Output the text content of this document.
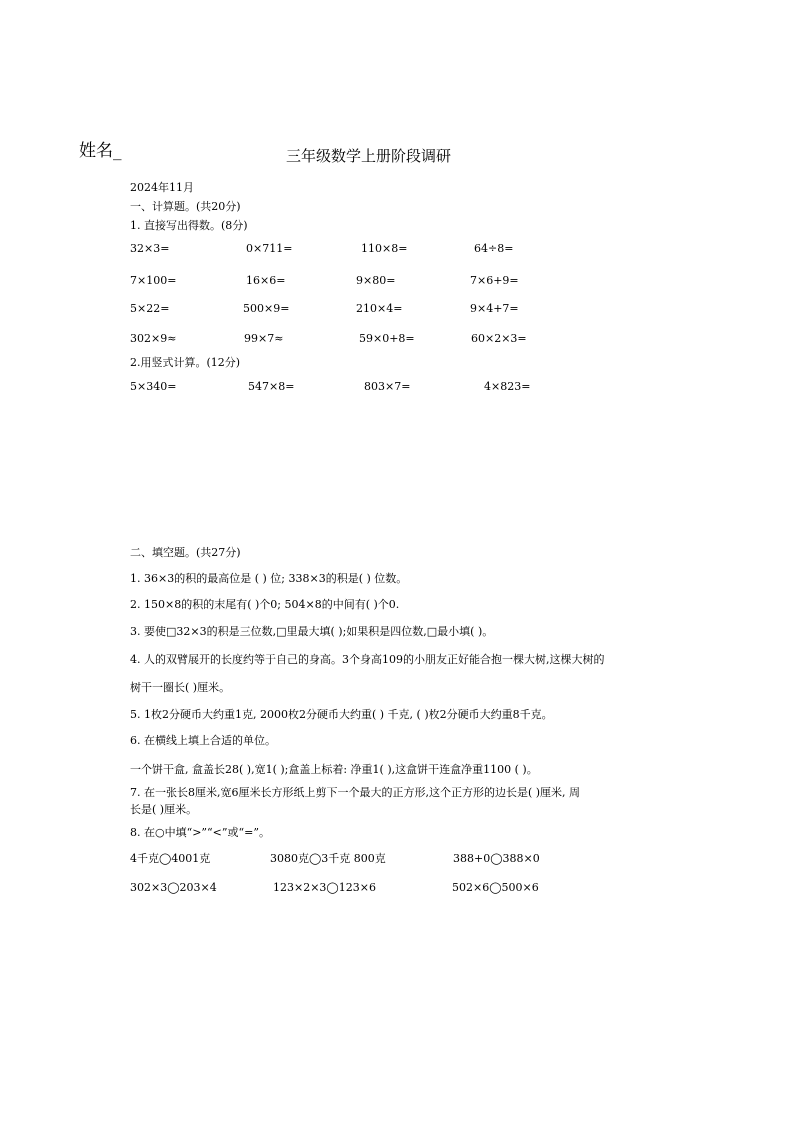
姓名_	三年级数学上册阶段调研
2024年11月
一、计算题。(共20分)
1. 直接写出得数。(8分)
32×3=	0×711=	110×8=	64÷8=
7×100=	16×6=	9×80=	7×6+9=
5×22=	500×9=	210×4=	9×4+7=
302×9≈	99×7≈	59×0+8=	60×2×3=
2.用竖式计算。(12分)
5×340=	547×8=	803×7=	4×823=
二、填空题。(共27分)
1. 36×3的积的最高位是 ( ) 位; 338×3的积是( ) 位数。
2. 150×8的积的末尾有( )个0; 504×8的中间有( )个0.
3. 要使□32×3的积是三位数,□里最大填( );如果积是四位数,□最小填( )。
4. 人的双臂展开的长度约等于自己的身高。3个身高109的小朋友正好能合抱一棵大树,这棵大树的
树干一圈长( )厘米。
5. 1枚2分硬币大约重1克, 2000枚2分硬币大约重( ) 千克, ( )枚2分硬币大约重8千克。
6. 在横线上填上合适的单位。
一个饼干盒, 盒盖长28( ),宽1( );盒盖上标着: 净重1( ),这盒饼干连盒净重1100 ( )。
7. 在一张长8厘米,宽6厘米长方形纸上剪下一个最大的正方形,这个正方形的边长是( )厘米, 周
长是( )厘米。
8. 在○中填“>”“<”或“=”。
4千克◯4001克	3080克◯3千克 800克	388+0◯388×0
302×3◯203×4	123×2×3◯123×6	502×6◯500×6
